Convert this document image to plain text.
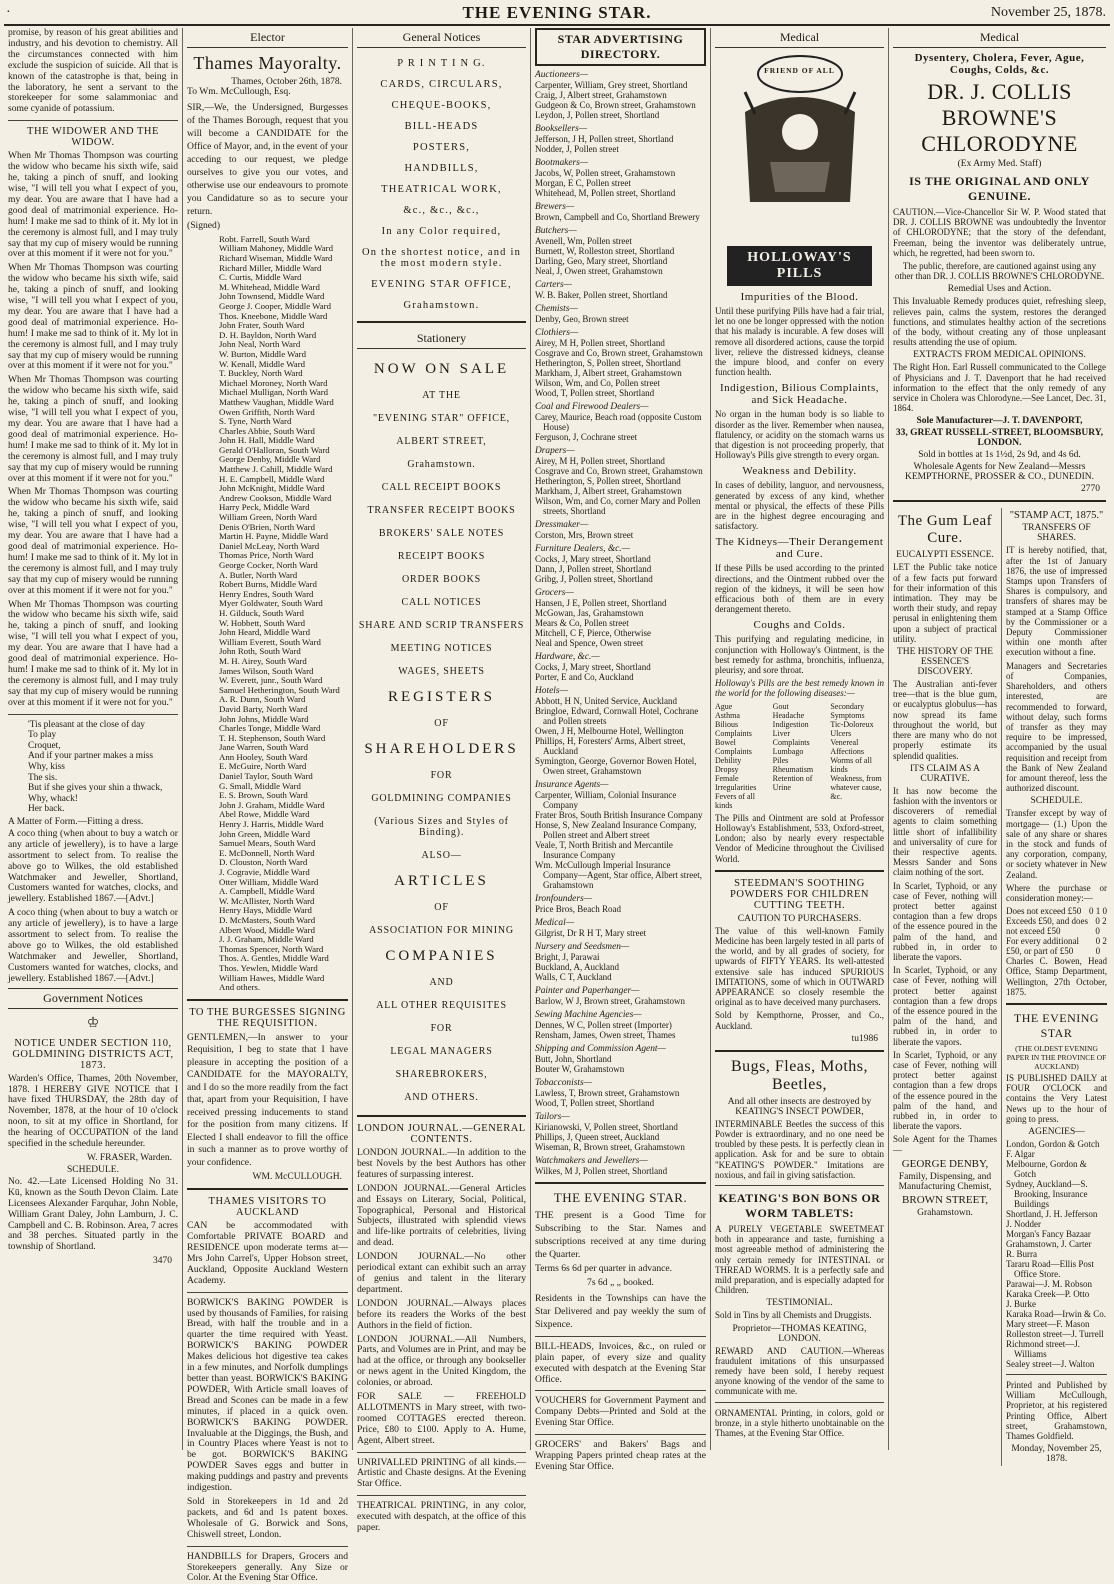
·	THE EVENING STAR.	November 25, 1878.

promise, by reason of his great abilities and industry, and his devotion to chemistry. All the circumstances connected with him exclude the suspicion of suicide. All that is known of the catastrophe is that, being in the laboratory, he sent a servant to the storekeeper for some salammoniac and some cyanide of potassium.

THE WIDOWER AND THE WIDOW.

When Mr Thomas Thompson was courting the widow who became his sixth wife, said he, taking a pinch of snuff, and looking wise, "I will tell you what I expect of you, my dear. You are aware that I have had a good deal of matrimonial experience. Ho-hum! I make me sad to think of it. My lot in the ceremony is almost full, and I may truly say that my cup of misery would be running over at this moment if it were not for you."

When Mr Thomas Thompson was courting the widow who became his sixth wife, said he, taking a pinch of snuff, and looking wise, "I will tell you what I expect of you, my dear. You are aware that I have had a good deal of matrimonial experience. Ho-hum! I make me sad to think of it. My lot in the ceremony is almost full, and I may truly say that my cup of misery would be running over at this moment if it were not for you."

When Mr Thomas Thompson was courting the widow who became his sixth wife, said he, taking a pinch of snuff, and looking wise, "I will tell you what I expect of you, my dear. You are aware that I have had a good deal of matrimonial experience. Ho-hum! I make me sad to think of it. My lot in the ceremony is almost full, and I may truly say that my cup of misery would be running over at this moment if it were not for you."

When Mr Thomas Thompson was courting the widow who became his sixth wife, said he, taking a pinch of snuff, and looking wise, "I will tell you what I expect of you, my dear. You are aware that I have had a good deal of matrimonial experience. Ho-hum! I make me sad to think of it. My lot in the ceremony is almost full, and I may truly say that my cup of misery would be running over at this moment if it were not for you."

When Mr Thomas Thompson was courting the widow who became his sixth wife, said he, taking a pinch of snuff, and looking wise, "I will tell you what I expect of you, my dear. You are aware that I have had a good deal of matrimonial experience. Ho-hum! I make me sad to think of it. My lot in the ceremony is almost full, and I may truly say that my cup of misery would be running over at this moment if it were not for you."

'Tis pleasant at the close of day
To play
Croquet,
And if your partner makes a miss
Why, kiss
The sis.
But if she gives your shin a thwack,
Why, whack!
Her back.
A Matter of Form.—Fitting a dress.

A coco thing (when about to buy a watch or any article of jewellery), is to have a large assortment to select from. To realise the above go to Wilkes, the old established Watchmaker and Jeweller, Shortland, Customers wanted for watches, clocks, and jewellery. Established 1867.—[Advt.]

A coco thing (when about to buy a watch or any article of jewellery), is to have a large assortment to select from. To realise the above go to Wilkes, the old established Watchmaker and Jeweller, Shortland, Customers wanted for watches, clocks, and jewellery. Established 1867.—[Advt.]

Government Notices
♔
NOTICE UNDER SECTION 110, GOLDMINING DISTRICTS ACT, 1873.

Warden's Office, Thames, 20th November, 1878. I HEREBY GIVE NOTICE that I have fixed THURSDAY, the 28th day of November, 1878, at the hour of 10 o'clock noon, to sit at my office in Shortland, for the hearing of OCCUPATION of the land specified in the schedule hereunder.

W. FRASER, Warden.
SCHEDULE.

No. 42.—Late Licensed Holding No 31. Kū, known as the South Devon Claim. Late Licensees Alexander Farquhar, John Noble, William Grant Daley, John Lamburn, J. C. Campbell and C. B. Robinson. Area, 7 acres and 38 perches. Situated partly in the township of Shortland.

3470
Elector
Thames Mayoralty.
Thames, October 26th, 1878.

To Wm. McCullough, Esq.

SIR,—We, the Undersigned, Burgesses of the Thames Borough, request that you will become a CANDIDATE for the Office of Mayor, and, in the event of your acceding to our request, we pledge ourselves to give you our votes, and otherwise use our endeavours to promote you Candidature so as to secure your return.

(Signed)

Robt. Farrell, South Ward
William Mahoney, Middle Ward
Richard Wiseman, Middle Ward
Richard Miller, Middle Ward
C. Curtis, Middle Ward
M. Whitehead, Middle Ward
John Townsend, Middle Ward
George J. Cooper, Middle Ward
Thos. Kneebone, Middle Ward
John Frater, South Ward
D. H. Bayldon, North Ward
John Neal, North Ward
W. Burton, Middle Ward
W. Kenall, Middle Ward
T. Buckley, North Ward
Michael Moroney, North Ward
Michael Mulligan, North Ward
Matthew Vaughan, Middle Ward
Owen Griffith, North Ward
S. Tyne, North Ward
Charles Abbie, South Ward
John H. Hall, Middle Ward
Gerald O'Halloran, South Ward
George Denby, Middle Ward
Matthew J. Cahill, Middle Ward
H. E. Campbell, Middle Ward
John McKnight, Middle Ward
Andrew Cookson, Middle Ward
Harry Peck, Middle Ward
William Green, North Ward
Denis O'Brien, North Ward
Martin H. Payne, Middle Ward
Daniel McLeay, North Ward
Thomas Price, North Ward
George Cocker, North Ward
A. Butler, North Ward
Robert Burns, Middle Ward
Henry Endres, South Ward
Myer Goldwater, South Ward
H. Gilduck, South Ward
W. Hobbett, South Ward
John Heard, Middle Ward
William Everett, South Ward
John Roth, South Ward
M. H. Airey, South Ward
James Wilson, South Ward
W. Everett, junr., South Ward
Samuel Hetherington, South Ward
A. R. Dunn, South Ward
David Barty, North Ward
John Johns, Middle Ward
Charles Tonge, Middle Ward
T. H. Stephenson, South Ward
Jane Warren, South Ward
Ann Hooley, South Ward
E. McGuire, North Ward
Daniel Taylor, South Ward
G. Small, Middle Ward
E. S. Brown, South Ward
John J. Graham, Middle Ward
Abel Rowe, Middle Ward
Henry J. Harris, Middle Ward
John Green, Middle Ward
Samuel Mears, South Ward
E. McDonnell, North Ward
D. Clouston, North Ward
J. Cogravie, Middle Ward
Otter William, Middle Ward
A. Campbell, Middle Ward
W. McAllister, North Ward
Henry Hays, Middle Ward
D. McMasters, South Ward
Albert Wood, Middle Ward
J. J. Graham, Middle Ward
Thomas Spencer, North Ward
Thos. A. Gentles, Middle Ward
Thos. Yewlen, Middle Ward
William Hawes, Middle Ward
And others.
TO THE BURGESSES SIGNING THE REQUISITION.

GENTLEMEN,—In answer to your Requisition, I beg to state that I have pleasure in accepting the position of a CANDIDATE for the MAYORALTY, and I do so the more readily from the fact that, apart from your Requisition, I have received pressing inducements to stand for the position from many citizens. If Elected I shall endeavor to fill the office in such a manner as to prove worthy of your confidence.

WM. McCULLOUGH.
THAMES VISITORS TO AUCKLAND

CAN be accommodated with Comfortable PRIVATE BOARD and RESIDENCE upon moderate terms at— Mrs John Carrel's, Upper Hobson street, Auckland, Opposite Auckland Western Academy.

BORWICK'S BAKING POWDER is used by thousands of Families, for raising Bread, with half the trouble and in a quarter the time required with Yeast. BORWICK'S BAKING POWDER Makes delicious hot digestive tea cakes in a few minutes, and Norfolk dumplings better than yeast. BORWICK'S BAKING POWDER, With Article small loaves of Bread and Scones can be made in a few minutes, if placed in a quick oven. BORWICK'S BAKING POWDER. Invaluable at the Diggings, the Bush, and in Country Places where Yeast is not to be got. BORWICK'S BAKING POWDER Saves eggs and butter in making puddings and pastry and prevents indigestion.

Sold in Storekeepers in 1d and 2d packets, and 6d and 1s patent boxes. Wholesale of G. Borwick and Sons, Chiswell street, London.

HANDBILLS for Drapers, Grocers and Storekeepers generally. Any Size or Color. At the Evening Star Office.

General Notices
P R I N T I N G.
CARDS, CIRCULARS,
CHEQUE-BOOKS,
BILL-HEADS
POSTERS,
HANDBILLS,
THEATRICAL WORK,
&c., &c., &c.,
In any Color required,
On the shortest notice, and in the most modern style.
EVENING STAR OFFICE,
Grahamstown.
Stationery
NOW ON SALE
AT THE
"EVENING STAR" OFFICE,
ALBERT STREET,
Grahamstown.
CALL RECEIPT BOOKS
TRANSFER RECEIPT BOOKS
BROKERS' SALE NOTES
RECEIPT BOOKS
ORDER BOOKS
CALL NOTICES
SHARE AND SCRIP TRANSFERS
MEETING NOTICES
WAGES, SHEETS
REGISTERS
OF
SHAREHOLDERS
FOR
GOLDMINING COMPANIES
(Various Sizes and Styles of Binding).
ALSO—
ARTICLES
OF
ASSOCIATION FOR MINING
COMPANIES
AND
ALL OTHER REQUISITES
FOR
LEGAL MANAGERS
SHAREBROKERS,
AND OTHERS.
LONDON JOURNAL.—GENERAL CONTENTS.

LONDON JOURNAL.—In addition to the best Novels by the best Authors has other features of surpassing interest.

LONDON JOURNAL.—General Articles and Essays on Literary, Social, Political, Topographical, Personal and Historical Subjects, illustrated with splendid views and life-like portraits of celebrities, living and dead.

LONDON JOURNAL.—No other periodical extant can exhibit such an array of genius and talent in the literary department.

LONDON JOURNAL.—Always places before its readers the Works of the best Authors in the field of fiction.

LONDON JOURNAL.—All Numbers, Parts, and Volumes are in Print, and may be had at the office, or through any bookseller or news agent in the United Kingdom, the colonies, or abroad.

FOR SALE — FREEHOLD ALLOTMENTS in Mary street, with two-roomed COTTAGES erected thereon. Price, £80 to £100. Apply to A. Hume, Agent, Albert street.

UNRIVALLED PRINTING of all kinds.—Artistic and Chaste designs. At the Evening Star Office.

THEATRICAL PRINTING, in any color, executed with despatch, at the office of this paper.

STAR ADVERTISING DIRECTORY.
Auctioneers—
Carpenter, William, Grey street, Shortland
Craig, J, Albert street, Grahamstown
Gudgeon & Co, Brown street, Grahamstown
Leydon, J, Pollen street, Shortland
Booksellers—
Jefferson, J H, Pollen street, Shortland
Nodder, J, Pollen street
Bootmakers—
Jacobs, W, Pollen street, Grahamstown
Morgan, E C, Pollen street
Whitehead, M, Pollen street, Shortland
Brewers—
Brown, Campbell and Co, Shortland Brewery
Butchers—
Avenell, Wm, Pollen street
Burnett, W, Rolleston street, Shortland
Darling, Geo, Mary street, Shortland
Neal, J, Owen street, Grahamstown
Carters—
W. B. Baker, Pollen street, Shortland
Chemists—
Denby, Geo, Brown street
Clothiers—
Airey, M H, Pollen street, Shortland
Cosgrave and Co, Brown street, Grahamstown
Hetherington, S, Pollen street, Shortland
Markham, J, Albert street, Grahamstown
Wilson, Wm, and Co, Pollen street
Wood, T, Pollen street, Shortland
Coal and Firewood Dealers—
Carey, Maurice, Beach road (opposite Custom House)
Ferguson, J, Cochrane street
Drapers—
Airey, M H, Pollen street, Shortland
Cosgrave and Co, Brown street, Grahamstown
Hetherington, S, Pollen street, Shortland
Markham, J, Albert street, Grahamstown
Wilson, Wm, and Co, corner Mary and Pollen streets, Shortland
Dressmaker—
Corston, Mrs, Brown street
Furniture Dealers, &c.—
Cocks, J, Mary street, Shortland
Dann, J, Pollen street, Shortland
Gribg, J, Pollen street, Shortland
Grocers—
Hansen, J E, Pollen street, Shortland
McGowan, Jas, Grahamstown
Mears & Co, Pollen street
Mitchell, C F, Pierce, Otherwise
Neal and Spence, Owen street
Hardware, &c.—
Cocks, J, Mary street, Shortland
Porter, E and Co, Auckland
Hotels—
Abbott, H N, United Service, Auckland
Bringloe, Edward, Cornwall Hotel, Cochrane and Pollen streets
Owen, J H, Melbourne Hotel, Wellington
Phillips, H, Foresters' Arms, Albert street, Auckland
Symington, George, Governor Bowen Hotel, Owen street, Grahamstown
Insurance Agents—
Carpenter, William, Colonial Insurance Company
Frater Bros, South British Insurance Company
Honse, S, New Zealand Insurance Company, Pollen street and Albert street
Veale, T, North British and Mercantile Insurance Company
Wm. McCullough Imperial Insurance Company—Agent, Star office, Albert street, Grahamstown
Ironfounders—
Price Bros, Beach Road
Medical—
Gilgrist, Dr R H T, Mary street
Nursery and Seedsmen—
Bright, J, Parawai
Buckland, A, Auckland
Walls, C T, Auckland
Painter and Paperhanger—
Barlow, W J, Brown street, Grahamstown
Sewing Machine Agencies—
Dennes, W C, Pollen street (Importer)
Rensham, James, Owen street, Thames
Shipping and Commission Agent—
Butt, John, Shortland
Bouter W, Grahamstown
Tobacconists—
Lawless, T, Brown street, Grahamstown
Wood, T, Pollen street, Shortland
Tailors—
Kirianowski, V, Pollen street, Shortland
Phillips, J, Queen street, Auckland
Wiseman, R, Brown street, Grahamstown
Watchmakers and Jewellers—
Wilkes, M J, Pollen street, Shortland
THE EVENING STAR.

THE present is a Good Time for Subscribing to the Star. Names and subscriptions received at any time during the Quarter.

Terms 6s 6d per quarter in advance.

7s 6d „ „ booked.

Residents in the Townships can have the Star Delivered and pay weekly the sum of Sixpence.

BILL-HEADS, Invoices, &c., on ruled or plain paper, of every size and quality executed with despatch at the Evening Star Office.

VOUCHERS for Government Payment and Company Debts—Printed and Sold at the Evening Star Office.

GROCERS' and Bakers' Bags and Wrapping Papers printed cheap rates at the Evening Star Office.

Medical
FRIEND OF ALL
HOLLOWAY'S PILLS
Impurities of the Blood.

Until these purifying Pills have had a fair trial, let no one be longer oppressed with the notion that his malady is incurable. A few doses will remove all disordered actions, cause the torpid liver, relieve the distressed kidneys, cleanse the impure blood, and confer on every function health.

Indigestion, Bilious Complaints, and Sick Headache.

No organ in the human body is so liable to disorder as the liver. Remember when nausea, flatulency, or acidity on the stomach warns us that digestion is not proceeding properly, that Holloway's Pills give strength to every organ.

Weakness and Debility.

In cases of debility, languor, and nervousness, generated by excess of any kind, whether mental or physical, the effects of these Pills are in the highest degree encouraging and satisfactory.

The Kidneys—Their Derangement and Cure.

If these Pills be used according to the printed directions, and the Ointment rubbed over the region of the kidneys, it will be seen how efficacious both of them are in every derangement thereto.

Coughs and Colds.

This purifying and regulating medicine, in conjunction with Holloway's Ointment, is the best remedy for asthma, bronchitis, influenza, pleurisy, and sore throat.

Holloway's Pills are the best remedy known in the world for the following diseases:—

Ague
Asthma
Bilious Complaints
Bowel Complaints
Debility
Dropsy
Female Irregularities
Fevers of all kinds
Gout
Headache
Indigestion
Liver Complaints
Lumbago
Piles
Rheumatism
Retention of Urine
Secondary Symptoms
Tic-Doloreux
Ulcers
Venereal Affections
Worms of all kinds
Weakness, from whatever cause, &c.

The Pills and Ointment are sold at Professor Holloway's Establishment, 533, Oxford-street, London; also by nearly every respectable Vendor of Medicine throughout the Civilised World.

STEEDMAN'S SOOTHING POWDERS FOR CHILDREN CUTTING TEETH.
CAUTION TO PURCHASERS.

The value of this well-known Family Medicine has been largely tested in all parts of the world, and by all grades of society, for upwards of FIFTY YEARS. Its well-attested extensive sale has induced SPURIOUS IMITATIONS, some of which in OUTWARD APPEARANCE so closely resemble the original as to have deceived many purchasers.

Sold by Kempthorne, Prosser, and Co., Auckland.

tu1986
Bugs, Fleas, Moths, Beetles,
And all other insects are destroyed by KEATING'S INSECT POWDER,

INTERMINABLE Beetles the success of this Powder is extraordinary, and no one need be troubled by these pests. It is perfectly clean in application. Ask for and be sure to obtain "KEATING'S POWDER." Imitations are noxious, and fail in giving satisfaction.

KEATING'S BON BONS OR WORM TABLETS:

A PURELY VEGETABLE SWEETMEAT both in appearance and taste, furnishing a most agreeable method of administering the only certain remedy for INTESTINAL or THREAD WORMS. It is a perfectly safe and mild preparation, and is especially adapted for Children.

TESTIMONIAL.

Sold in Tins by all Chemists and Druggists.

Proprietor—THOMAS KEATING, LONDON.

REWARD AND CAUTION.—Whereas fraudulent imitations of this unsurpassed remedy have been sold, I hereby request anyone knowing of the vendor of the same to communicate with me.

ORNAMENTAL Printing, in colors, gold or bronze, in a style hitherto unobtainable on the Thames, at the Evening Star Office.

Medical
Dysentery, Cholera, Fever, Ague, Coughs, Colds, &c.
DR. J. COLLIS BROWNE'S CHLORODYNE
(Ex Army Med. Staff)
IS THE ORIGINAL AND ONLY GENUINE.

CAUTION.—Vice-Chancellor Sir W. P. Wood stated that DR. J. COLLIS BROWNE was undoubtedly the Inventor of CHLORODYNE; that the story of the defendant, Freeman, being the inventor was deliberately untrue, which, he regretted, had been sworn to.

The public, therefore, are cautioned against using any other than DR. J. COLLIS BROWNE'S CHLORODYNE.

Remedial Uses and Action.

This Invaluable Remedy produces quiet, refreshing sleep, relieves pain, calms the system, restores the deranged functions, and stimulates healthy action of the secretions of the body, without creating any of those unpleasant results attending the use of opium.

EXTRACTS FROM MEDICAL OPINIONS.

The Right Hon. Earl Russell communicated to the College of Physicians and J. T. Davenport that he had received information to the effect that the only remedy of any service in Cholera was Chlorodyne.—See Lancet, Dec. 31, 1864.

Sole Manufacturer—J. T. DAVENPORT,
33, GREAT RUSSELL-STREET, BLOOMSBURY, LONDON.
Sold in bottles at 1s 1½d, 2s 9d, and 4s 6d.
Wholesale Agents for New Zealand—Messrs KEMPTHORNE, PROSSER & CO., DUNEDIN.
2770
The Gum Leaf Cure.
EUCALYPTI ESSENCE.

LET the Public take notice of a few facts put forward for their information of this intimation. They may be worth their study, and repay perusal in enlightening them upon a subject of practical utility.

THE HISTORY OF THE ESSENCE'S DISCOVERY.

The Australian anti-fever tree—that is the blue gum, or eucalyptus globulus—has now spread its fame throughout the world, but there are many who do not properly estimate its splendid qualities.

ITS CLAIM AS A CURATIVE.

It has now become the fashion with the inventors or discoverers of remedial agents to claim something little short of infallibility and universality of cure for their respective agents. Messrs Sander and Sons claim nothing of the sort.

In Scarlet, Typhoid, or any case of Fever, nothing will protect better against contagion than a few drops of the essence poured in the palm of the hand, and rubbed in, in order to liberate the vapors.

In Scarlet, Typhoid, or any case of Fever, nothing will protect better against contagion than a few drops of the essence poured in the palm of the hand, and rubbed in, in order to liberate the vapors.

In Scarlet, Typhoid, or any case of Fever, nothing will protect better against contagion than a few drops of the essence poured in the palm of the hand, and rubbed in, in order to liberate the vapors.

Sole Agent for the Thames—

GEORGE DENBY,
Family, Dispensing, and Manufacturing Chemist,
BROWN STREET,
Grahamstown.
"STAMP ACT, 1875."
TRANSFERS OF SHARES.

IT is hereby notified, that, after the 1st of January 1876, the use of impressed Stamps upon Transfers of Shares is compulsory, and transfers of shares may be stamped at a Stamp Office by the Commissioner or a Deputy Commissioner within one month after execution without a fine.

Managers and Secretaries of Companies, Shareholders, and others interested, are recommended to forward, without delay, such forms of transfer as they may require to be impressed, accompanied by the usual requisition and receipt from the Bank of New Zealand for amount thereof, less the authorized discount.

SCHEDULE.

Transfer except by way of mortgage— (1.) Upon the sale of any share or shares in the stock and funds of any corporation, company, or society whatever in New Zealand.

Where the purchase or consideration money:—

Does not exceed £50 0 1 0
Exceeds £50, and does not exceed £50
0 2 0
For every additional £50, or part of £50
0 2 0

Charles C. Bowen, Head Office, Stamp Department, Wellington, 27th October, 1875.

THE EVENING STAR
(THE OLDEST EVENING PAPER IN THE PROVINCE OF AUCKLAND)

IS PUBLISHED DAILY at FOUR O'CLOCK and contains the Very Latest News up to the hour of going to press.

AGENCIES—
London, Gordon & Gotch
F. Algar
Melbourne, Gordon & Gotch
Sydney, Auckland—S. Brooking, Insurance Buildings
Shortland, J. H. Jefferson
J. Nodder
Morgan's Fancy Bazaar
Grahamstown, J. Carter
R. Burra
Tararu Road—Ellis Post Office Store.
Parawai—J. M. Robson
Karaka Creek—P. Otto
J. Burke
Karaka Road—Irwin & Co.
Mary street—F. Mason
Rolleston street—J. Turrell
Richmond street—J. Williams
Sealey street—J. Walton

Printed and Published by William McCullough, Proprietor, at his registered Printing Office, Albert street, Grahamstown, Thames Goldfield.

Monday, November 25, 1878.
